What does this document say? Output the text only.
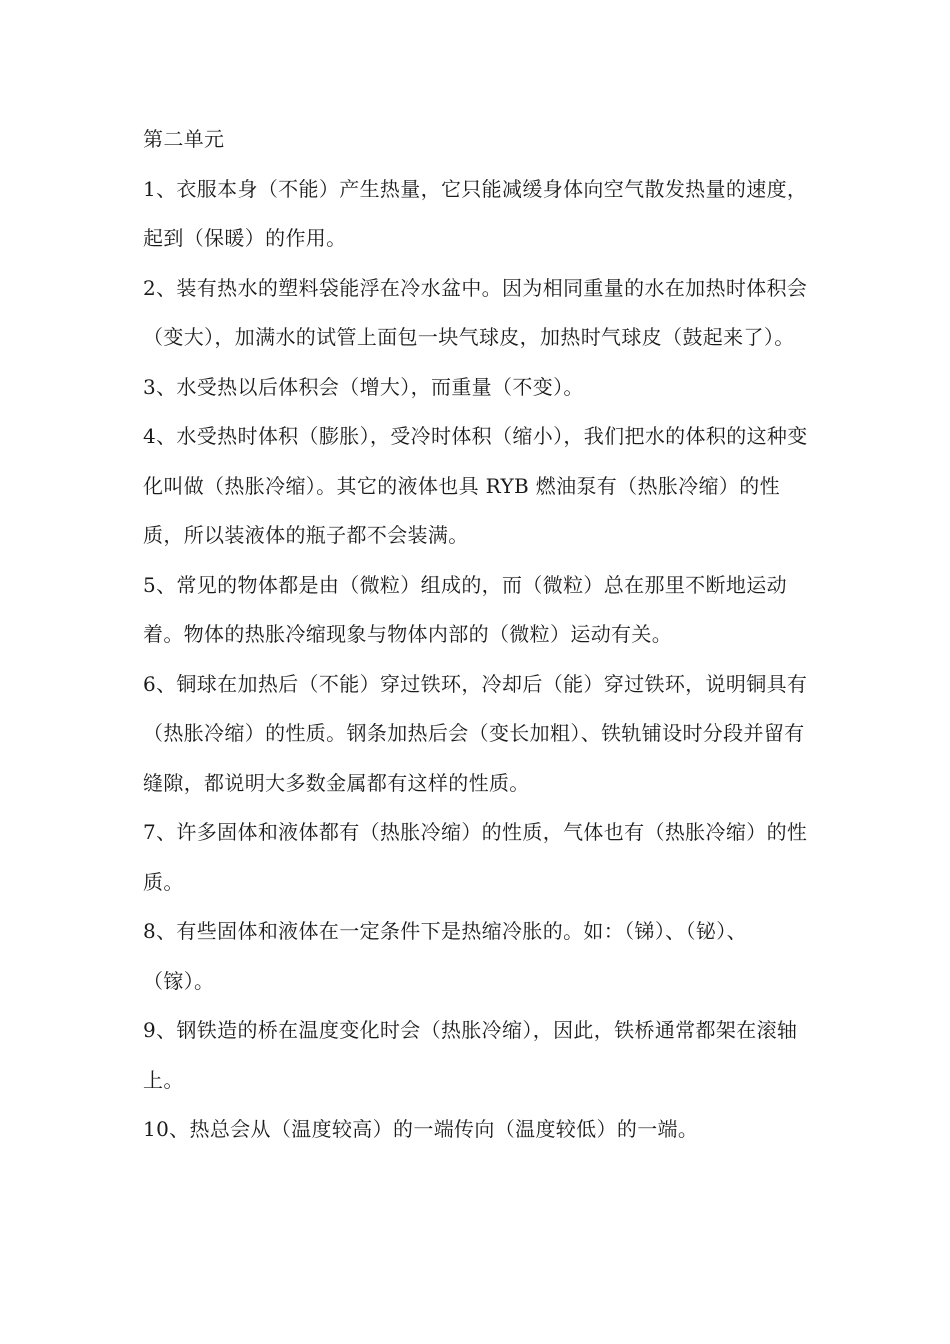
第二单元
1、衣服本身（不能）产生热量，它只能减缓身体向空气散发热量的速度，起到（保暖）的作用。
2、装有热水的塑料袋能浮在冷水盆中。因为相同重量的水在加热时体积会（变大），加满水的试管上面包一块气球皮，加热时气球皮（鼓起来了）。
3、水受热以后体积会（增大），而重量（不变）。
4、水受热时体积（膨胀），受冷时体积（缩小），我们把水的体积的这种变化叫做（热胀冷缩）。其它的液体也具 RYB 燃油泵有（热胀冷缩）的性质，所以装液体的瓶子都不会装满。
5、常见的物体都是由（微粒）组成的，而（微粒）总在那里不断地运动着。物体的热胀冷缩现象与物体内部的（微粒）运动有关。
6、铜球在加热后（不能）穿过铁环，冷却后（能）穿过铁环，说明铜具有（热胀冷缩）的性质。钢条加热后会（变长加粗）、铁轨铺设时分段并留有缝隙，都说明大多数金属都有这样的性质。
7、许多固体和液体都有（热胀冷缩）的性质，气体也有（热胀冷缩）的性质。
8、有些固体和液体在一定条件下是热缩冷胀的。如：（锑）、（铋）、（镓）。
9、钢铁造的桥在温度变化时会（热胀冷缩），因此，铁桥通常都架在滚轴上。
10、热总会从（温度较高）的一端传向（温度较低）的一端。
